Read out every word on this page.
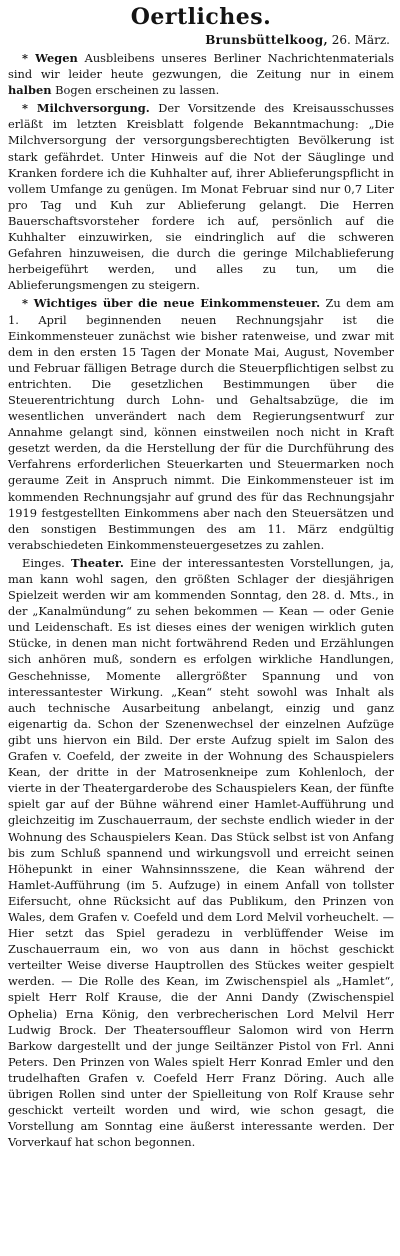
Oertliches.
Brunsbüttelkoog, 26. März.

* Wegen Ausbleibens unseres Berliner Nachrichtenmaterials sind wir leider heute gezwungen, die Zeitung nur in einem halben Bogen erscheinen zu lassen.

* Milchversorgung. Der Vorsitzende des Kreisausschusses erläßt im letzten Kreisblatt folgende Bekanntmachung: „Die Milchversorgung der versorgungsberechtigten Bevölkerung ist stark gefährdet. Unter Hinweis auf die Not der Säuglinge und Kranken fordere ich die Kuhhalter auf, ihrer Ablieferungspflicht in vollem Umfange zu genügen. Im Monat Februar sind nur 0,7 Liter pro Tag und Kuh zur Ablieferung gelangt. Die Herren Bauerschaftsvorsteher fordere ich auf, persönlich auf die Kuhhalter einzuwirken, sie eindringlich auf die schweren Gefahren hinzuweisen, die durch die geringe Milchablieferung herbeigeführt werden, und alles zu tun, um die Ablieferungsmengen zu steigern.

* Wichtiges über die neue Einkommensteuer. Zu dem am 1. April beginnenden neuen Rechnungsjahr ist die Einkommensteuer zunächst wie bisher ratenweise, und zwar mit dem in den ersten 15 Tagen der Monate Mai, August, November und Februar fälligen Betrage durch die Steuerpflichtigen selbst zu entrichten. Die gesetzlichen Bestimmungen über die Steuerentrichtung durch Lohn- und Gehaltsabzüge, die im wesentlichen unverändert nach dem Regierungsentwurf zur Annahme gelangt sind, können einstweilen noch nicht in Kraft gesetzt werden, da die Herstellung der für die Durchführung des Verfahrens erforderlichen Steuerkarten und Steuermarken noch geraume Zeit in Anspruch nimmt. Die Einkommensteuer ist im kommenden Rechnungsjahr auf grund des für das Rechnungsjahr 1919 festgestellten Einkommens aber nach den Steuersätzen und den sonstigen Bestimmungen des am 11. März endgültig verabschiedeten Einkommensteuergesetzes zu zahlen.

Einges. Theater. Eine der interessantesten Vorstellungen, ja, man kann wohl sagen, den größten Schlager der diesjährigen Spielzeit werden wir am kommenden Sonntag, den 28. d. Mts., in der „Kanalmündung“ zu sehen bekommen — Kean — oder Genie und Leidenschaft. Es ist dieses eines der wenigen wirklich guten Stücke, in denen man nicht fortwährend Reden und Erzählungen sich anhören muß, sondern es erfolgen wirkliche Handlungen, Geschehnisse, Momente allergrößter Spannung und von interessantester Wirkung. „Kean“ steht sowohl was Inhalt als auch technische Ausarbeitung anbelangt, einzig und ganz eigenartig da. Schon der Szenenwechsel der einzelnen Aufzüge gibt uns hiervon ein Bild. Der erste Aufzug spielt im Salon des Grafen v. Coefeld, der zweite in der Wohnung des Schauspielers Kean, der dritte in der Matrosenkneipe zum Kohlenloch, der vierte in der Theatergarderobe des Schauspielers Kean, der fünfte spielt gar auf der Bühne während einer Hamlet-Aufführung und gleichzeitig im Zuschauerraum, der sechste endlich wieder in der Wohnung des Schauspielers Kean. Das Stück selbst ist von Anfang bis zum Schluß spannend und wirkungsvoll und erreicht seinen Höhepunkt in einer Wahnsinnsszene, die Kean während der Hamlet-Aufführung (im 5. Aufzuge) in einem Anfall von tollster Eifersucht, ohne Rücksicht auf das Publikum, den Prinzen von Wales, dem Grafen v. Coefeld und dem Lord Melvil vorheuchelt. — Hier setzt das Spiel geradezu in verblüffender Weise im Zuschauerraum ein, wo von aus dann in höchst geschickt verteilter Weise diverse Hauptrollen des Stückes weiter gespielt werden. — Die Rolle des Kean, im Zwischenspiel als „Hamlet“, spielt Herr Rolf Krause, die der Anni Dandy (Zwischenspiel Ophelia) Erna König, den verbrecherischen Lord Melvil Herr Ludwig Brock. Der Theatersouffleur Salomon wird von Herrn Barkow dargestellt und der junge Seiltänzer Pistol von Frl. Anni Peters. Den Prinzen von Wales spielt Herr Konrad Emler und den trudelhaften Grafen v. Coefeld Herr Franz Döring. Auch alle übrigen Rollen sind unter der Spielleitung von Rolf Krause sehr geschickt verteilt worden und wird, wie schon gesagt, die Vorstellung am Sonntag eine äußerst interessante werden. Der Vorverkauf hat schon begonnen.
